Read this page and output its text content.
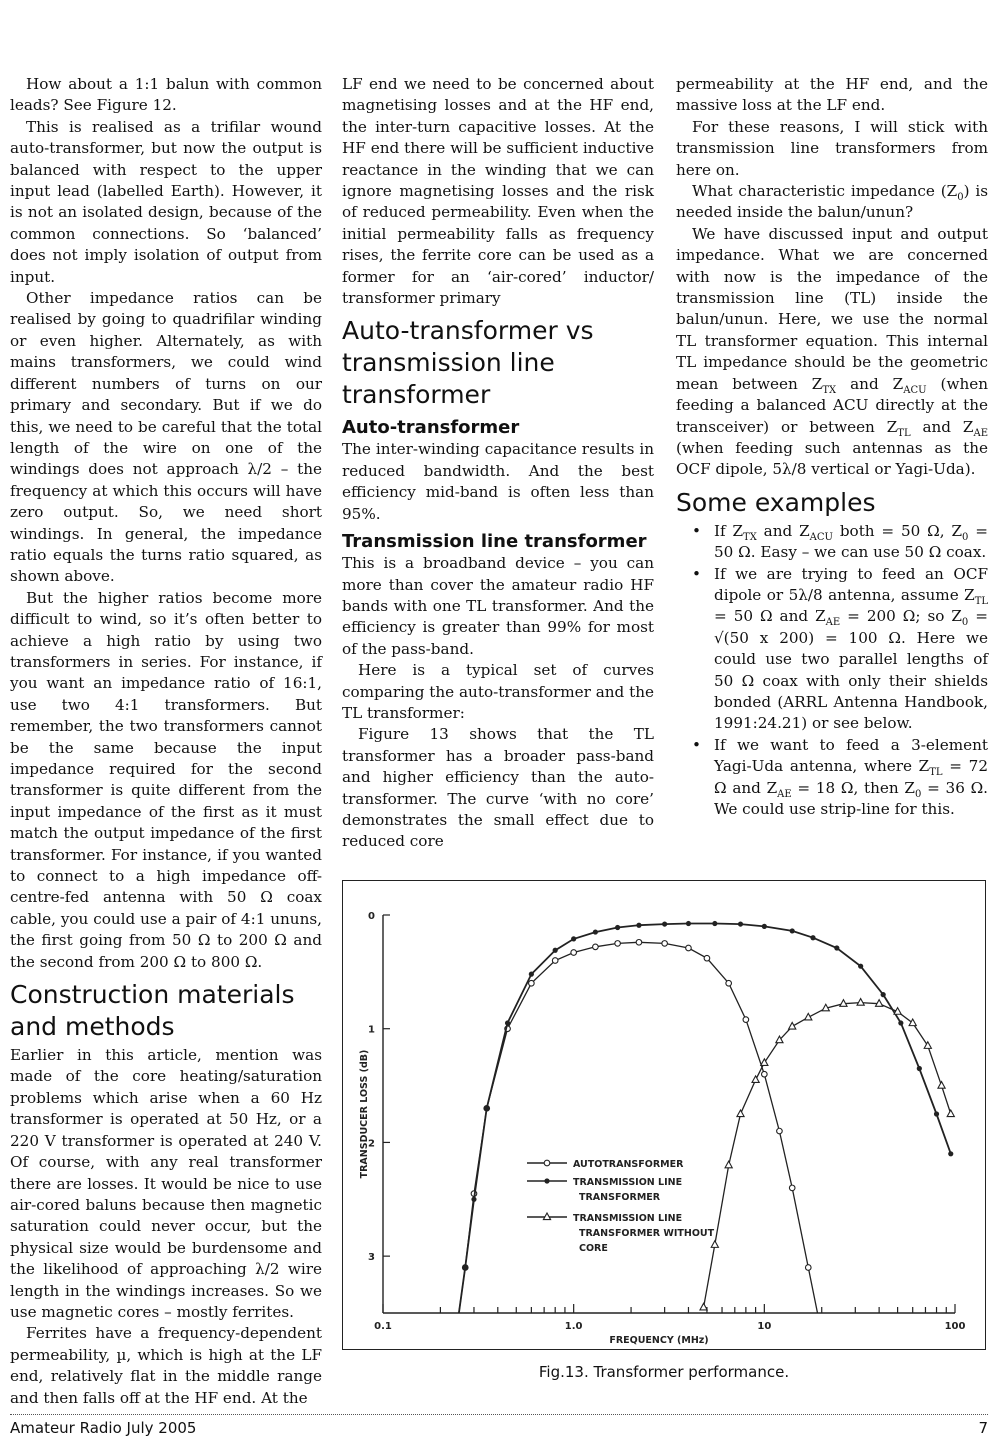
How about a 1:1 balun with common leads? See Figure 12.

This is realised as a trifilar wound auto-transformer, but now the output is balanced with respect to the upper input lead (labelled Earth). However, it is not an isolated design, because of the common connections. So ‘balanced’ does not imply isolation of output from input.

Other impedance ratios can be realised by going to quadrifilar winding or even higher. Alternately, as with mains transformers, we could wind different numbers of turns on our primary and secondary. But if we do this, we need to be careful that the total length of the wire on one of the windings does not approach λ/2 – the frequency at which this occurs will have zero output. So, we need short windings. In general, the impedance ratio equals the turns ratio squared, as shown above.

But the higher ratios become more difficult to wind, so it’s often better to achieve a high ratio by using two transformers in series. For instance, if you want an impedance ratio of 16:1, use two 4:1 transformers. But remember, the two transformers cannot be the same because the input impedance required for the second transformer is quite different from the input impedance of the first as it must match the output impedance of the first transformer. For instance, if you wanted to connect to a high impedance off-centre-fed antenna with 50 Ω coax cable, you could use a pair of 4:1 ununs, the first going from 50 Ω to 200 Ω and the second from 200 Ω to 800 Ω.

Construction materials and methods

Earlier in this article, mention was made of the core heating/saturation problems which arise when a 60 Hz transformer is operated at 50 Hz, or a 220 V transformer is operated at 240 V. Of course, with any real transformer there are losses. It would be nice to use air-cored baluns because then magnetic saturation could never occur, but the physical size would be burdensome and the likelihood of approaching λ/2 wire length in the windings increases. So we use magnetic cores – mostly ferrites.

Ferrites have a frequency-dependent permeability, µ, which is high at the LF end, relatively flat in the middle range and then falls off at the HF end. At the

LF end we need to be concerned about magnetising losses and at the HF end, the inter-turn capacitive losses. At the HF end there will be sufficient inductive reactance in the winding that we can ignore magnetising losses and the risk of reduced permeability. Even when the initial permeability falls as frequency rises, the ferrite core can be used as a former for an ‘air-cored’ inductor/ transformer primary

Auto-transformer vs transmission line transformer
Auto-transformer

The inter-winding capacitance results in reduced bandwidth. And the best efficiency mid-band is often less than 95%.

Transmission line transformer

This is a broadband device – you can more than cover the amateur radio HF bands with one TL transformer. And the efficiency is greater than 99% for most of the pass-band.

Here is a typical set of curves comparing the auto-transformer and the TL transformer:

Figure 13 shows that the TL transformer has a broader pass-band and higher efficiency than the auto-transformer. The curve ‘with no core’ demonstrates the small effect due to reduced core

permeability at the HF end, and the massive loss at the LF end.

For these reasons, I will stick with transmission line transformers from here on.

What characteristic impedance $(Z_0)$ is needed inside the balun/unun?

We have discussed input and output impedance. What we are concerned with now is the impedance of the transmission line (TL) inside the balun/unun. Here, we use the normal TL transformer equation. This internal TL impedance should be the geometric mean between $Z_{TX}$ and $Z_{ACU}$ (when feeding a balanced ACU directly at the transceiver) or between $Z_{TL}$ and $Z_{AE}$ (when feeding such antennas as the OCF dipole, 5λ/8 vertical or Yagi-Uda).

Some examples
• If $Z_{TX}$ and $Z_{ACU}$ both = 50 Ω, $Z_0 = 50$ Ω. Easy – we can use 50 Ω coax.
• If we are trying to feed an OCF dipole or 5λ/8 antenna, assume $Z_{TL} = 50$ Ω and $Z_{AE} = 200$ Ω; so $Z_0 = √(50$ x 200) = 100 Ω. Here we could use two parallel lengths of 50 Ω coax with only their shields bonded (ARRL Antenna Handbook, 1991:24.21) or see below.
• If we want to feed a 3-element Yagi-Uda antenna, where $Z_{TL} = 72$ Ω and $Z_{AE} = 18$ Ω, then $Z_0 = 36$ Ω. We could use strip-line for this.
0.1	1.0	10	100
0
1
2
3
FREQUENCY (MHz)
TRANSDUCER LOSS (dB)	AUTOTRANSFORMER
TRANSMISSION LINE
TRANSFORMER
TRANSMISSION LINE
TRANSFORMER WITHOUT
CORE
Fig.13. Transformer performance.
Amateur Radio July 2005	7
